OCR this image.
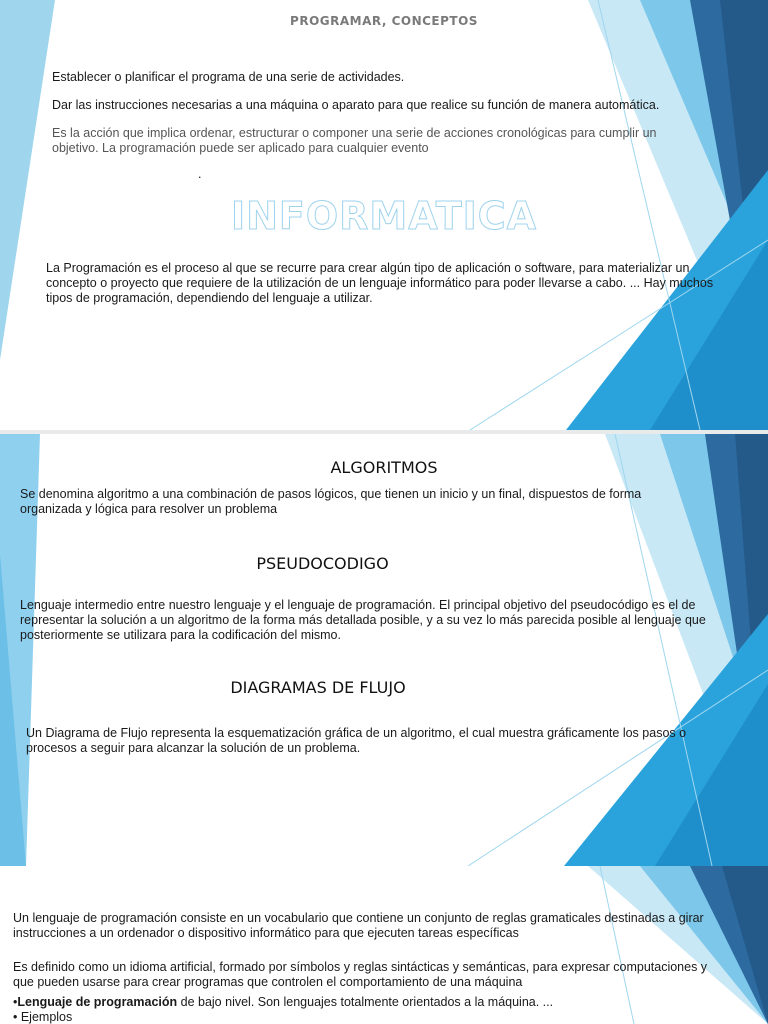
PROGRAMAR, CONCEPTOS
Establecer o planificar el programa de una serie de actividades.
Dar las instrucciones necesarias a una máquina o aparato para que realice su función de manera automática.
Es la acción que implica ordenar, estructurar o componer una serie de acciones cronológicas para cumplir un objetivo. La programación puede ser aplicado para cualquier evento
.
INFORMATICA
La Programación es el proceso al que se recurre para crear algún tipo de aplicación o software, para materializar un concepto o proyecto que requiere de la utilización de un lenguaje informático para poder llevarse a cabo. ... Hay muchos tipos de programación, dependiendo del lenguaje a utilizar.
ALGORITMOS
Se denomina algoritmo a una combinación de pasos lógicos, que tienen un inicio y un final, dispuestos de forma organizada y lógica para resolver un problema
PSEUDOCODIGO
Lenguaje intermedio entre nuestro lenguaje y el lenguaje de programación. El principal objetivo del pseudocódigo es el de representar la solución a un algoritmo de la forma más detallada posible, y a su vez lo más parecida posible al lenguaje que posteriormente se utilizara para la codificación del mismo.
DIAGRAMAS DE FLUJO
Un Diagrama de Flujo representa la esquematización gráfica de un algoritmo, el cual muestra gráficamente los pasos o procesos a seguir para alcanzar la solución de un problema.
Un lenguaje de programación consiste en un vocabulario que contiene un conjunto de reglas gramaticales destinadas a girar instrucciones a un ordenador o dispositivo informático para que ejecuten tareas específicas
Es definido como un idioma artificial, formado por símbolos y reglas sintácticas y semánticas, para expresar computaciones y que pueden usarse para crear programas que controlen el comportamiento de una máquina
•Lenguaje de programación de bajo nivel. Son lenguajes totalmente orientados a la máquina. ...
• Ejemplos
